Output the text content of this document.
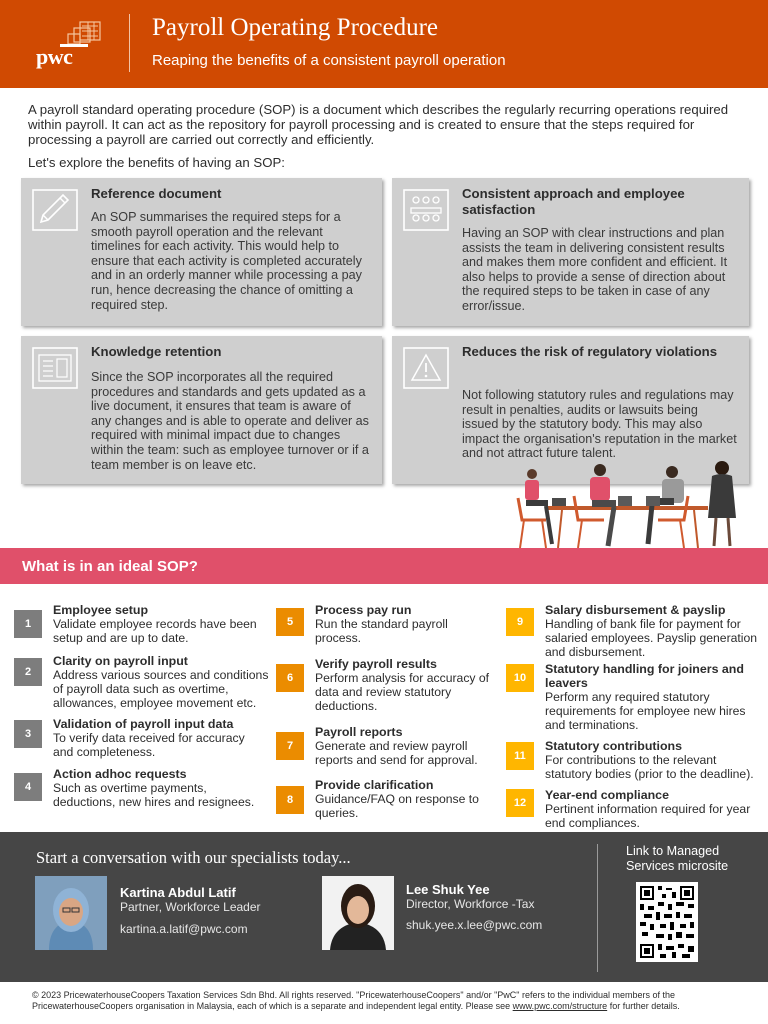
pwc
Payroll Operating Procedure
Reaping the benefits of a consistent payroll operation

A payroll standard operating procedure (SOP) is a document which describes the regularly recurring operations required within payroll. It can act as the repository for payroll processing and is created to ensure that the steps required for processing a payroll are carried out correctly and efficiently.

Let's explore the benefits of having an SOP:

Reference document
An SOP summarises the required steps for a smooth payroll operation and the relevant timelines for each activity. This would help to ensure that each activity is completed accurately and in an orderly manner while processing a pay run, hence decreasing the chance of omitting a required step.
Consistent approach and employee satisfaction
Having an SOP with clear instructions and plan assists the team in delivering consistent results and makes them more confident and efficient. It also helps to provide a sense of direction about the required steps to be taken in case of any error/issue.
Knowledge retention
Since the SOP incorporates all the required procedures and standards and gets updated as a live document, it ensures that team is aware of any changes and is able to operate and deliver as required with minimal impact due to changes within the team: such as employee turnover or if a team member is on leave etc.
Reduces the risk of regulatory violations
Not following statutory rules and regulations may result in penalties, audits or lawsuits being issued by the statutory body. This may also impact the organisation's reputation in the market and not attract future talent.
What is in an ideal SOP?
1
Employee setup
Validate employee records have been setup and are up to date.
2
Clarity on payroll input
Address various sources and conditions of payroll data such as overtime, allowances, employee movement etc.
3
Validation of payroll input data
To verify data received for accuracy and completeness.
4
Action adhoc requests
Such as overtime payments, deductions, new hires and resignees.
5
Process pay run
Run the standard payroll process.
6
Verify payroll results
Perform analysis for accuracy of data and review statutory deductions.
7
Payroll reports
Generate and review payroll reports and send for approval.
8
Provide clarification
Guidance/FAQ on response to queries.
9
Salary disbursement & payslip
Handling of bank file for payment for salaried employees. Payslip generation and disbursement.
10
Statutory handling for joiners and leavers
Perform any required statutory requirements for employee new hires and terminations.
11
Statutory contributions
For contributions to the relevant statutory bodies (prior to the deadline).
12
Year-end compliance
Pertinent information required for year end compliances.
Start a conversation with our specialists today...
Kartina Abdul Latif
Partner, Workforce Leader
kartina.a.latif@pwc.com
Lee Shuk Yee
Director, Workforce -Tax
shuk.yee.x.lee@pwc.com
Link to Managed Services microsite
© 2023 PricewaterhouseCoopers Taxation Services Sdn Bhd. All rights reserved. "PricewaterhouseCoopers" and/or "PwC" refers to the individual members of the PricewaterhouseCoopers organisation in Malaysia, each of which is a separate and independent legal entity. Please see www.pwc.com/structure for further details.
